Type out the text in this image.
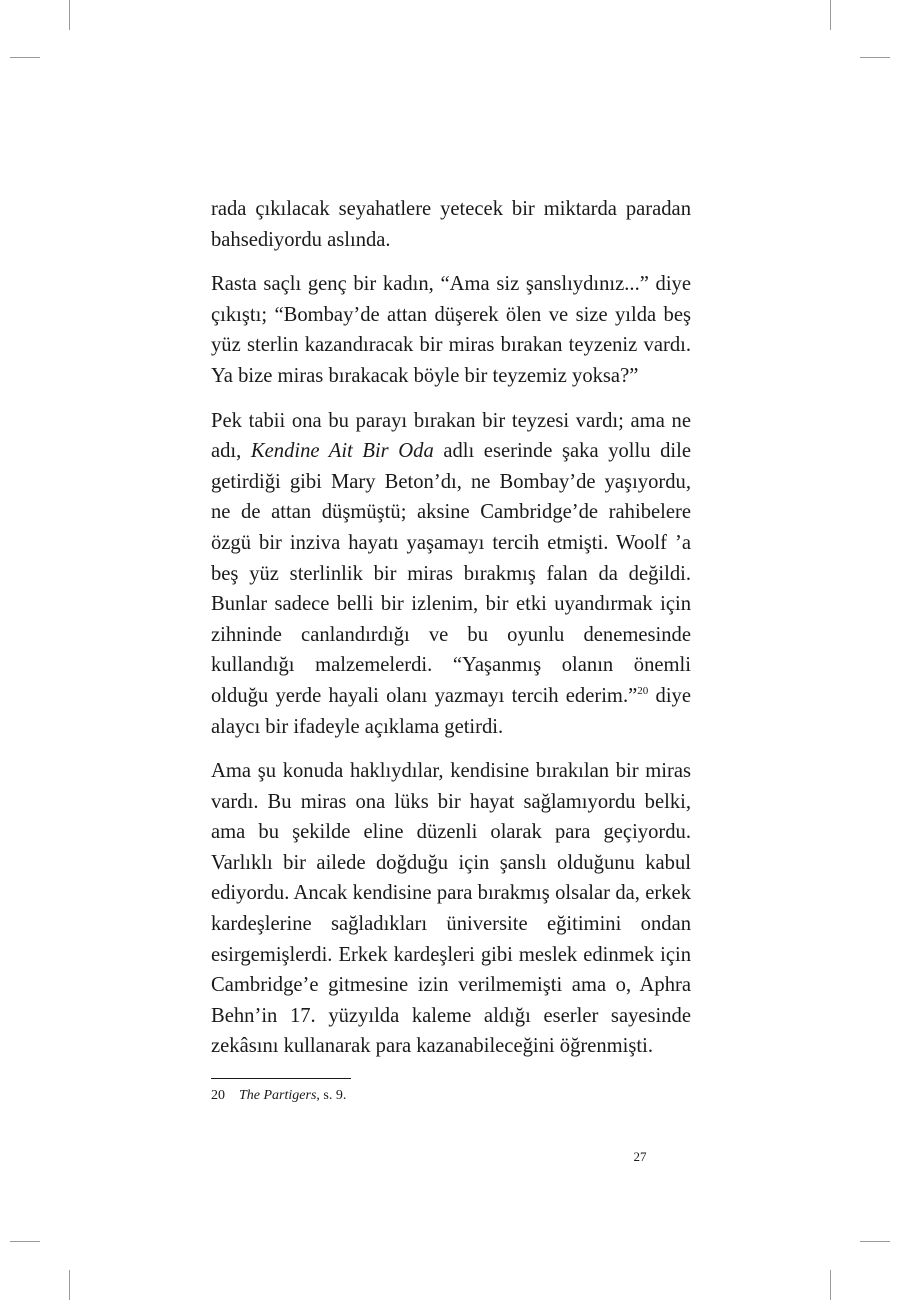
rada çıkılacak seyahatlere yetecek bir miktarda paradan bahsediyordu aslında.

Rasta saçlı genç bir kadın, “Ama siz şanslıydınız...” diye çıkıştı; “Bombay’de attan düşerek ölen ve size yılda beş yüz sterlin kazandıracak bir miras bırakan teyzeniz vardı. Ya bize miras bırakacak böyle bir teyzemiz yoksa?”

Pek tabii ona bu parayı bırakan bir teyzesi vardı; ama ne adı, Kendine Ait Bir Oda adlı eserinde şaka yollu dile getirdiği gibi Mary Beton’dı, ne Bombay’de yaşıyordu, ne de attan düşmüştü; aksine Cambridge’de rahibelere özgü bir inziva hayatı yaşamayı tercih etmişti. Woolf ’a beş yüz sterlinlik bir miras bırakmış falan da değildi. Bunlar sadece belli bir izlenim, bir etki uyandırmak için zihninde canlandırdığı ve bu oyunlu denemesinde kullandığı malzemelerdi. “Yaşanmış olanın önemli olduğu yerde hayali olanı yazmayı tercih ederim.”$^{20}$ diye alaycı bir ifadeyle açıklama getirdi.

Ama şu konuda haklıydılar, kendisine bırakılan bir miras vardı. Bu miras ona lüks bir hayat sağlamıyordu belki, ama bu şekilde eline düzenli olarak para geçiyordu. Varlıklı bir ailede doğduğu için şanslı olduğunu kabul ediyordu. Ancak kendisine para bırakmış olsalar da, erkek kardeşlerine sağladıkları üniversite eğitimini ondan esirgemişlerdi. Erkek kardeşleri gibi meslek edinmek için Cambridge’e gitmesine izin verilmemişti ama o, Aphra Behn’in 17. yüzyılda kaleme aldığı eserler sayesinde zekâsını kullanarak para kazanabileceğini öğrenmişti.

20 The Partigers, s. 9.
27
